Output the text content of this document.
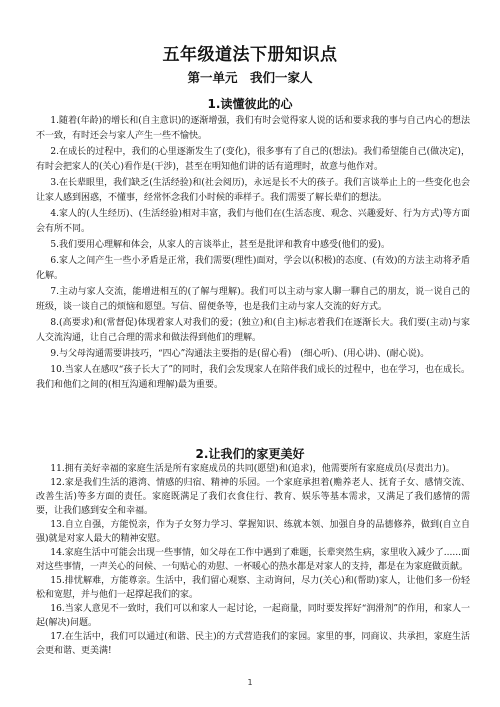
五年级道法下册知识点
第一单元　我们一家人
1.读懂彼此的心
1.随着(年龄)的增长和(自主意识)的逐渐增强，我们有时会觉得家人说的话和要求我的事与自己内心的想法不一致，有时还会与家人产生一些不愉快。
2.在成长的过程中，我们的心里逐渐发生了(变化)，很多事有了自己的(想法)。我们希望能自己(做决定)，有时会把家人的(关心)看作是(干涉)，甚至在明知他们讲的话有道理时，故意与他作对。
3.在长辈眼里，我们缺乏(生活经验)和(社会阅历)，永远是长不大的孩子。我们言谈举止上的一些变化也会让家人感到困惑，不懂事，经常怀念我们小时候的乖样子。我们需要了解长辈们的想法。
4.家人的(人生经历)、(生活经验)相对丰富，我们与他们在(生活态度、观念、兴趣爱好、行为方式)等方面会有所不同。
5.我们要用心理解和体会，从家人的言谈举止，甚至是批评和教育中感受(他们的爱)。
6.家人之间产生一些小矛盾是正常，我们需要(理性)面对，学会以(积极)的态度、(有效)的方法主动将矛盾化解。
7.主动与家人交流，能增进相互的(了解与理解)。我们可以主动与家人聊一聊自己的朋友，说一说自己的班级，谈一谈自己的烦恼和愿望。写信、留便条等，也是我们主动与家人交流的好方式。
8.(高要求)和(常督促)体现着家人对我们的爱；(独立)和(自主)标志着我们在逐渐长大。我们要(主动)与家人交流沟通，让自己合理的需求和做法得到他们的理解。
9.与父母沟通需要讲技巧，“四心”沟通法主要指的是(留心看)　(细心听)、(用心讲)、(耐心说)。
10.当家人在感叹“孩子长大了”的同时，我们会发现家人在陪伴我们成长的过程中，也在学习，也在成长。我们和他们之间的(相互沟通和理解)最为重要。
2.让我们的家更美好
11.拥有美好幸福的家庭生活是所有家庭成员的共同(愿望)和(追求)，他需要所有家庭成员(尽责出力)。
12.家是我们生活的港湾、情感的归宿、精神的乐园。一个家庭承担着(赡养老人、抚育子女、感情交流、改善生活)等多方面的责任。家庭既满足了我们衣食住行、教育、娱乐等基本需求，又满足了我们感情的需要，让我们感到安全和幸福。
13.自立自强，方能悦亲，作为子女努力学习、掌握知识、练就本领、加强自身的品德修养，做到(自立自强)就是对家人最大的精神安慰。
14.家庭生活中可能会出现一些事情，如父母在工作中遇到了难题，长辈突然生病，家里收入减少了......面对这些事情，一声关心的问候、一句贴心的劝慰、一杯暖心的热水都是对家人的支持，都是在为家庭做贡献。
15.排忧解难，方能尊亲。生活中，我们留心观察、主动询问，尽力(关心)和(帮助)家人，让他们多一份轻松和宽慰，并与他们一起撑起我们的家。
16.当家人意见不一致时，我们可以和家人一起讨论，一起商量，同时要发挥好“润滑剂”的作用，和家人一起(解决)问题。
1
17.在生活中，我们可以通过(和谐、民主)的方式营造我们的家园。家里的事，同商议、共承担，家庭生活会更和谐、更美满!
